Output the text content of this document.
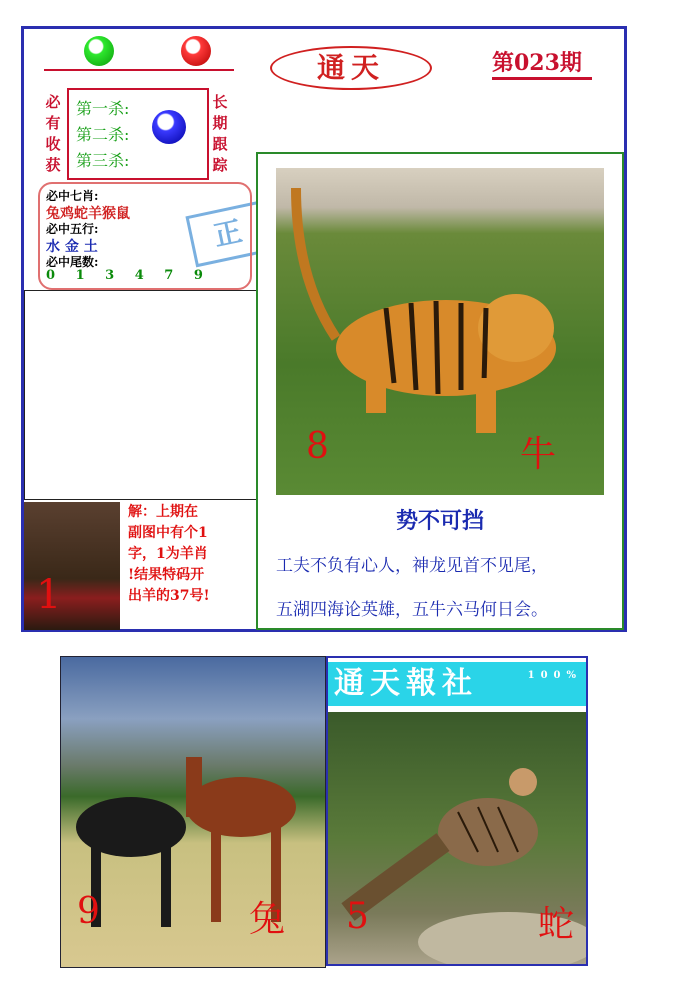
通天	第023期
必有收获
第一杀:
第二杀:
第三杀:
长期跟踪
正
必中七肖:
兔鸡蛇羊猴鼠
必中五行:
水 金 土
必中尾数:
0 1 3 4 7 9
1
解：上期在
副图中有个1
字，1为羊肖
!结果特码开
出羊的37号!
8	牛
势不可挡
工夫不负有心人，神龙见首不见尾，
五湖四海论英雄，五牛六马何日会。
9	兔
通天報社	100%
5	蛇
